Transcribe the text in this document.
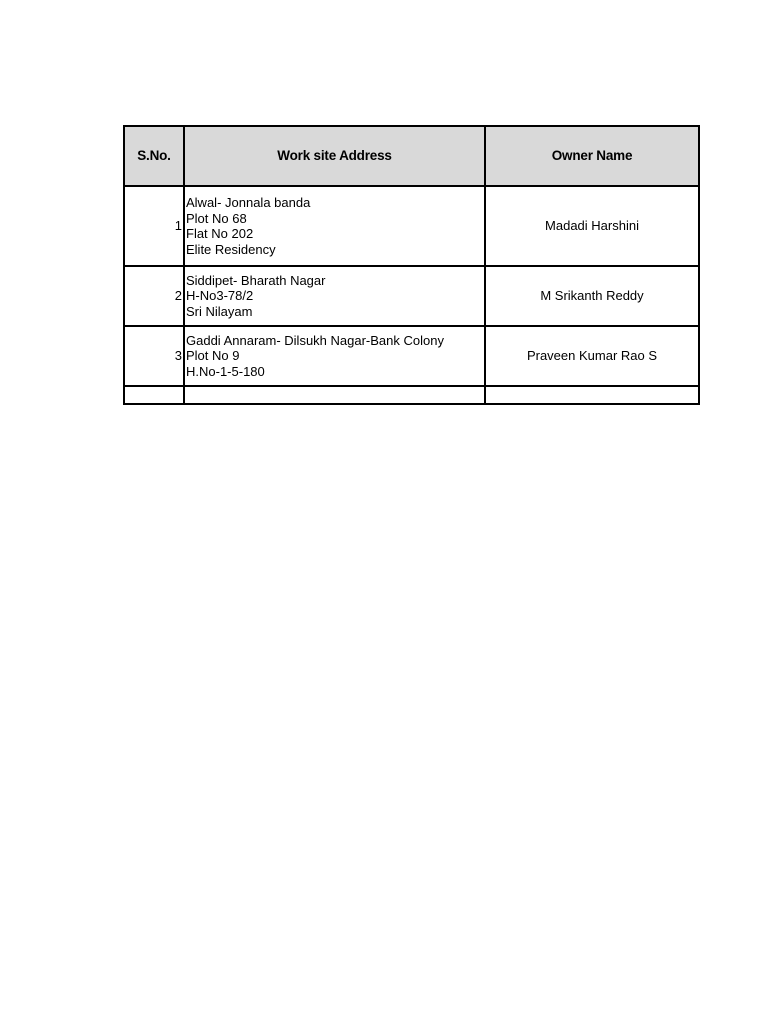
S.No.	Work site Address	Owner Name
1	Alwal- Jonnala banda
Plot No 68
Flat No 202
Elite Residency	Madadi Harshini
2	Siddipet- Bharath Nagar
H-No3-78/2
Sri Nilayam	M Srikanth Reddy
3	Gaddi Annaram- Dilsukh Nagar-Bank Colony
Plot No 9
H.No-1-5-180	Praveen Kumar Rao S
